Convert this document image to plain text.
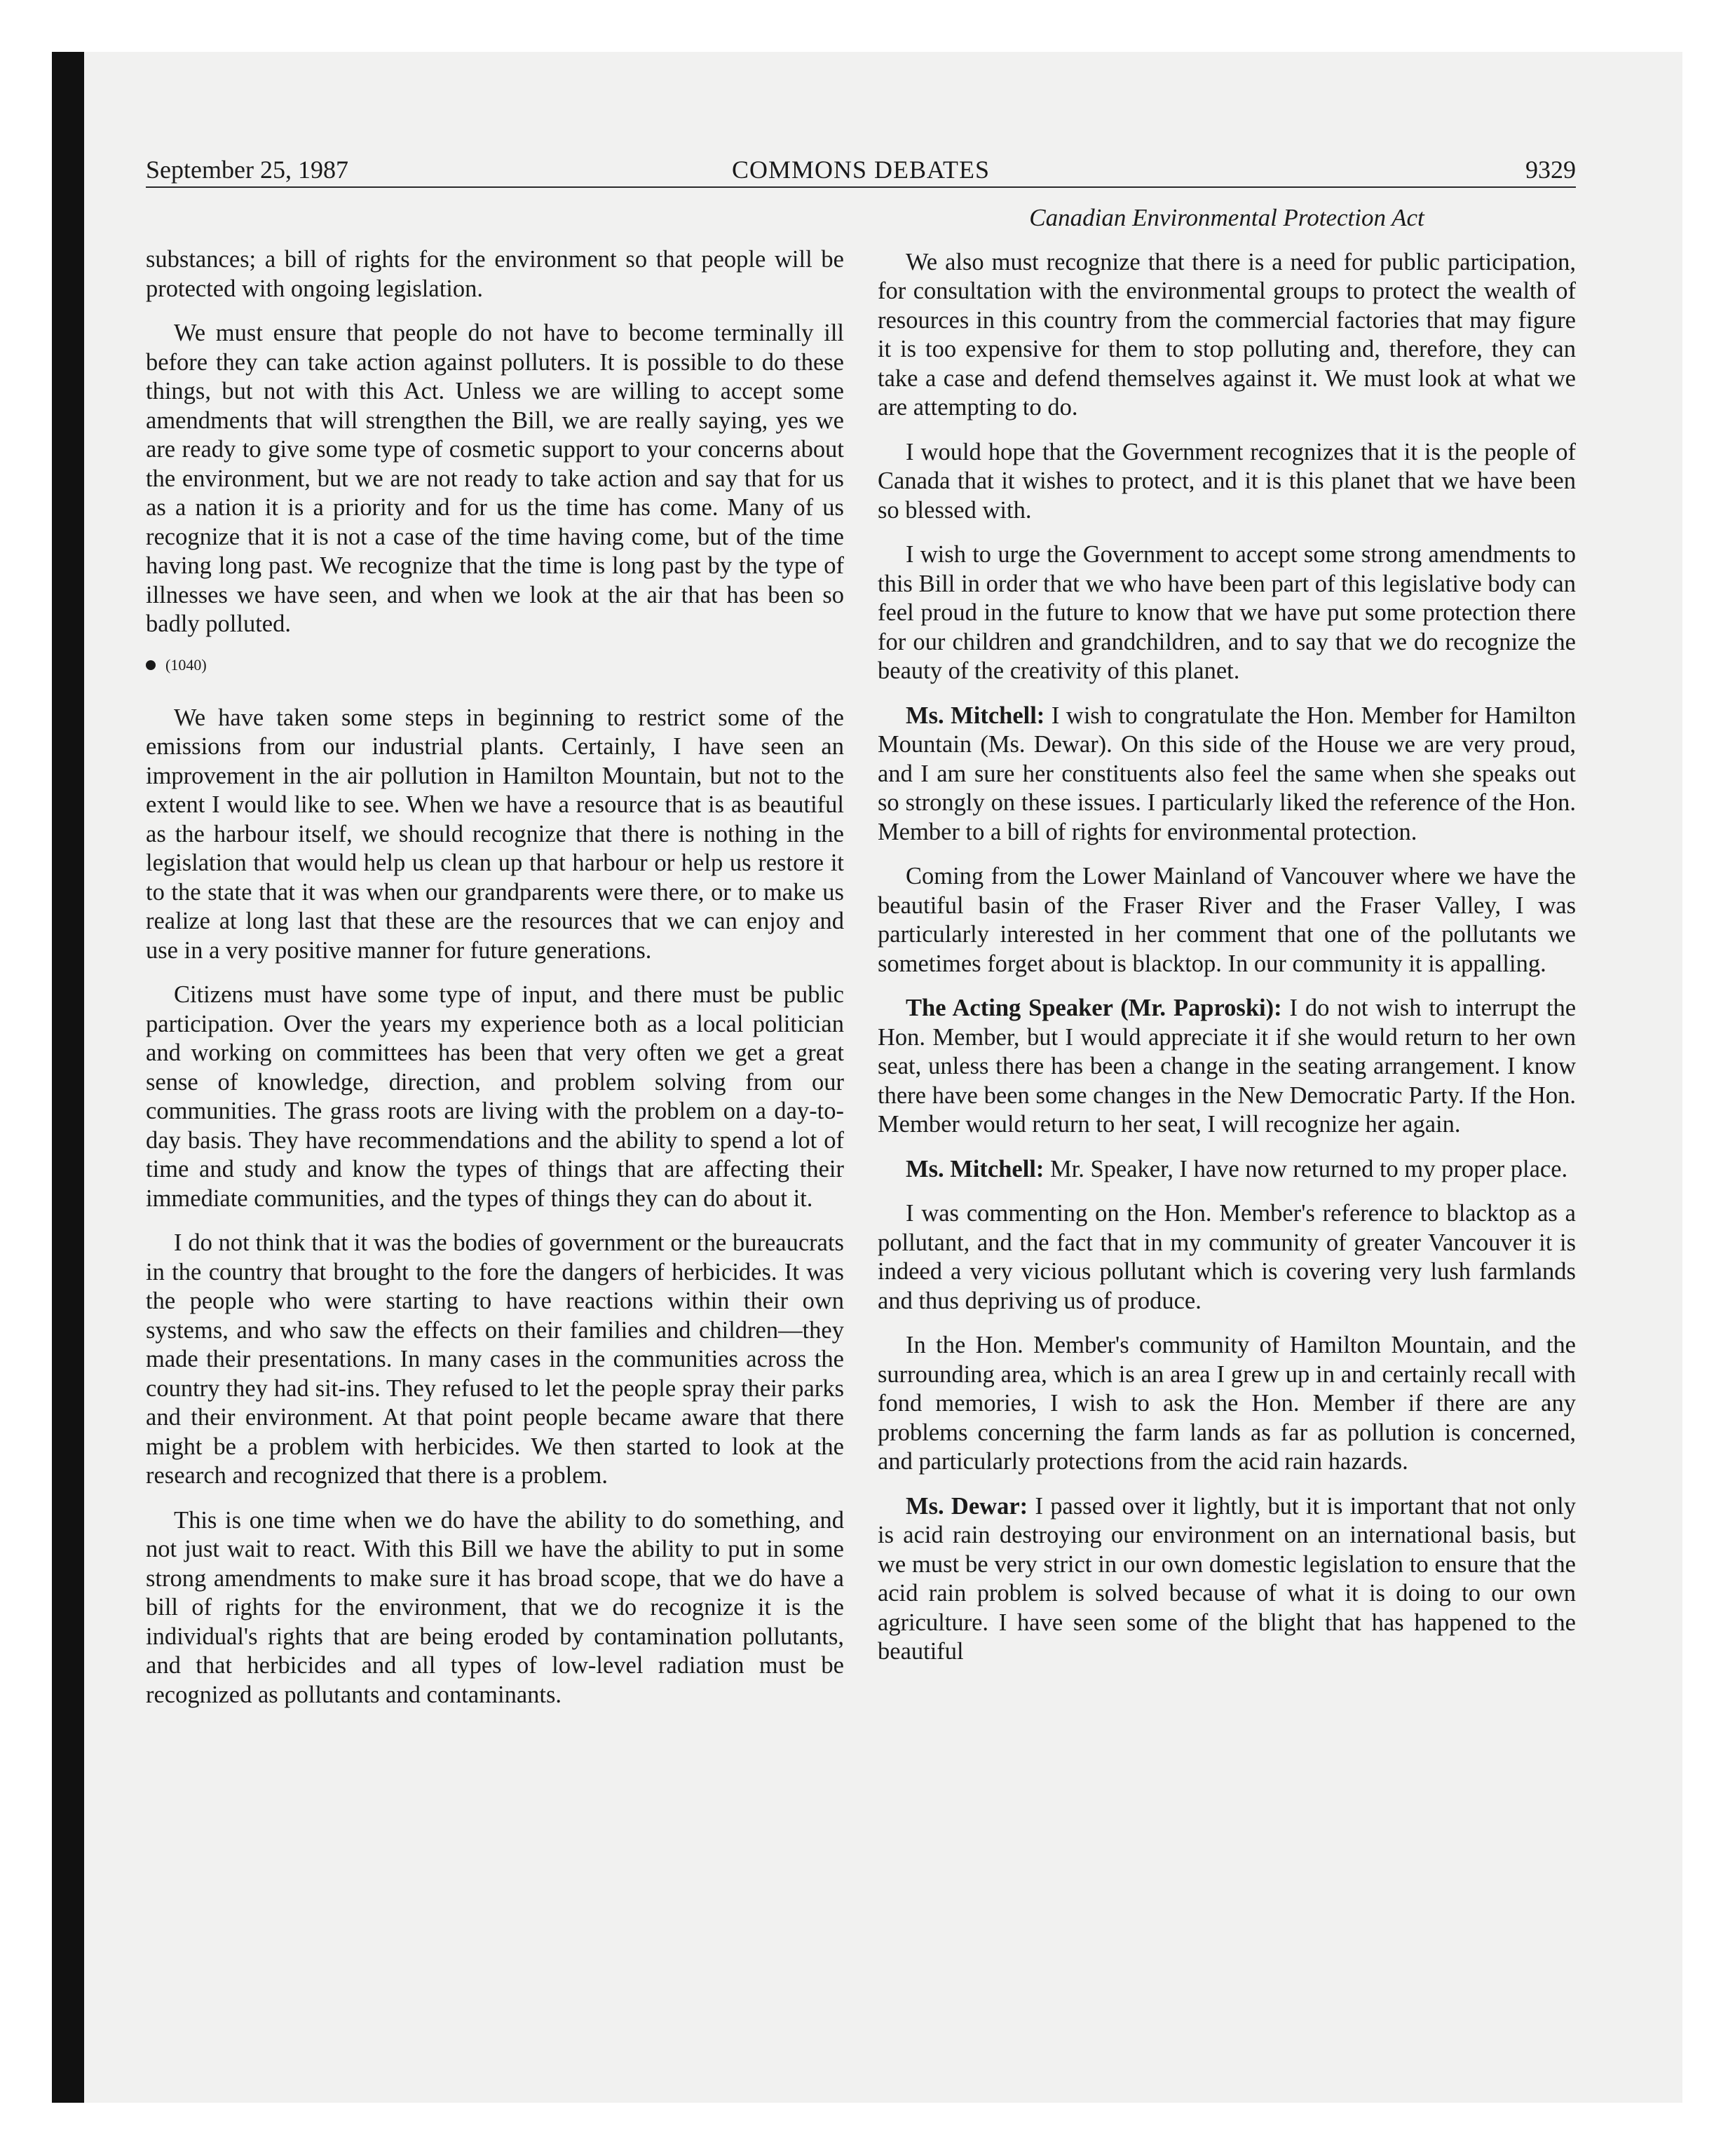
September 25, 1987	COMMONS DEBATES	9329

substances; a bill of rights for the environment so that people will be protected with ongoing legislation.

We must ensure that people do not have to become terminally ill before they can take action against polluters. It is possible to do these things, but not with this Act. Unless we are willing to accept some amendments that will strengthen the Bill, we are really saying, yes we are ready to give some type of cosmetic support to your concerns about the environment, but we are not ready to take action and say that for us as a nation it is a priority and for us the time has come. Many of us recognize that it is not a case of the time having come, but of the time having long past. We recognize that the time is long past by the type of illnesses we have seen, and when we look at the air that has been so badly polluted.

(1040)

We have taken some steps in beginning to restrict some of the emissions from our industrial plants. Certainly, I have seen an improvement in the air pollution in Hamilton Mountain, but not to the extent I would like to see. When we have a resource that is as beautiful as the harbour itself, we should recognize that there is nothing in the legislation that would help us clean up that harbour or help us restore it to the state that it was when our grandparents were there, or to make us realize at long last that these are the resources that we can enjoy and use in a very positive manner for future generations.

Citizens must have some type of input, and there must be public participation. Over the years my experience both as a local politician and working on committees has been that very often we get a great sense of knowledge, direction, and problem solving from our communities. The grass roots are living with the problem on a day-to-day basis. They have recommendations and the ability to spend a lot of time and study and know the types of things that are affecting their immediate communities, and the types of things they can do about it.

I do not think that it was the bodies of government or the bureaucrats in the country that brought to the fore the dangers of herbicides. It was the people who were starting to have reactions within their own systems, and who saw the effects on their families and children—they made their presentations. In many cases in the communities across the country they had sit-ins. They refused to let the people spray their parks and their environment. At that point people became aware that there might be a problem with herbicides. We then started to look at the research and recognized that there is a problem.

This is one time when we do have the ability to do something, and not just wait to react. With this Bill we have the ability to put in some strong amendments to make sure it has broad scope, that we do have a bill of rights for the environment, that we do recognize it is the individual's rights that are being eroded by contamination pollutants, and that herbicides and all types of low-level radiation must be recognized as pollutants and contaminants.

Canadian Environmental Protection Act

We also must recognize that there is a need for public participation, for consultation with the environmental groups to protect the wealth of resources in this country from the commercial factories that may figure it is too expensive for them to stop polluting and, therefore, they can take a case and defend themselves against it. We must look at what we are attempting to do.

I would hope that the Government recognizes that it is the people of Canada that it wishes to protect, and it is this planet that we have been so blessed with.

I wish to urge the Government to accept some strong amendments to this Bill in order that we who have been part of this legislative body can feel proud in the future to know that we have put some protection there for our children and grandchildren, and to say that we do recognize the beauty of the creativity of this planet.

Ms. Mitchell: I wish to congratulate the Hon. Member for Hamilton Mountain (Ms. Dewar). On this side of the House we are very proud, and I am sure her constituents also feel the same when she speaks out so strongly on these issues. I particularly liked the reference of the Hon. Member to a bill of rights for environmental protection.

Coming from the Lower Mainland of Vancouver where we have the beautiful basin of the Fraser River and the Fraser Valley, I was particularly interested in her comment that one of the pollutants we sometimes forget about is blacktop. In our community it is appalling.

The Acting Speaker (Mr. Paproski): I do not wish to interrupt the Hon. Member, but I would appreciate it if she would return to her own seat, unless there has been a change in the seating arrangement. I know there have been some changes in the New Democratic Party. If the Hon. Member would return to her seat, I will recognize her again.

Ms. Mitchell: Mr. Speaker, I have now returned to my proper place.

I was commenting on the Hon. Member's reference to blacktop as a pollutant, and the fact that in my community of greater Vancouver it is indeed a very vicious pollutant which is covering very lush farmlands and thus depriving us of produce.

In the Hon. Member's community of Hamilton Mountain, and the surrounding area, which is an area I grew up in and certainly recall with fond memories, I wish to ask the Hon. Member if there are any problems concerning the farm lands as far as pollution is concerned, and particularly protections from the acid rain hazards.

Ms. Dewar: I passed over it lightly, but it is important that not only is acid rain destroying our environment on an international basis, but we must be very strict in our own domestic legislation to ensure that the acid rain problem is solved because of what it is doing to our own agriculture. I have seen some of the blight that has happened to the beautiful
